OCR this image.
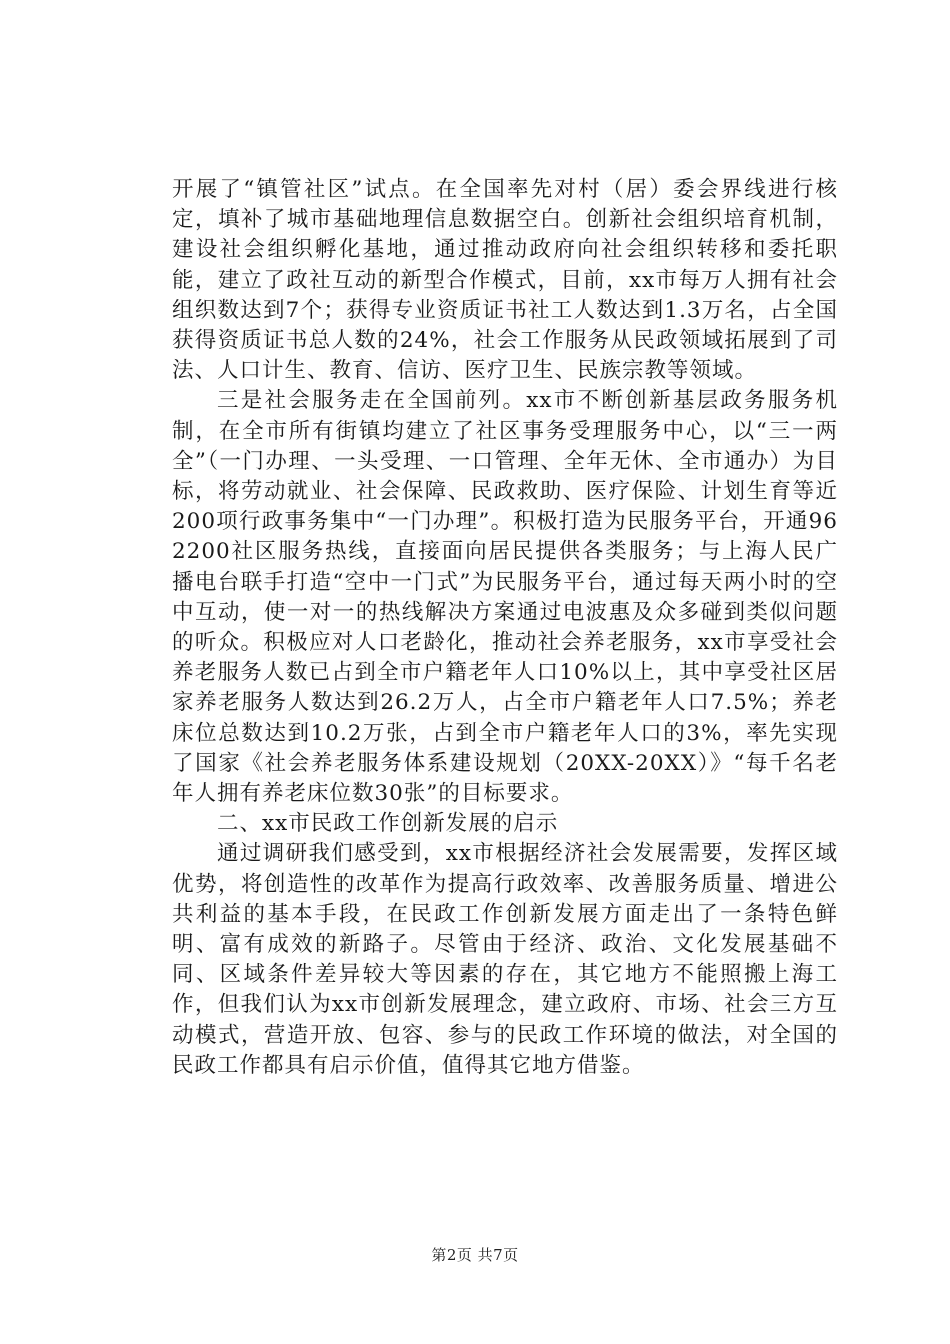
开展了“镇管社区”试点。在全国率先对村（居）委会界线进行核定，填补了城市基础地理信息数据空白。创新社会组织培育机制，建设社会组织孵化基地，通过推动政府向社会组织转移和委托职能，建立了政社互动的新型合作模式，目前，xx市每万人拥有社会组织数达到7个；获得专业资质证书社工人数达到1.3万名，占全国获得资质证书总人数的24%，社会工作服务从民政领域拓展到了司法、人口计生、教育、信访、医疗卫生、民族宗教等领域。

三是社会服务走在全国前列。xx市不断创新基层政务服务机制，在全市所有街镇均建立了社区事务受理服务中心，以“三一两全”（一门办理、一头受理、一口管理、全年无休、全市通办）为目标，将劳动就业、社会保障、民政救助、医疗保险、计划生育等近200项行政事务集中“一门办理”。积极打造为民服务平台，开通962200社区服务热线，直接面向居民提供各类服务；与上海人民广播电台联手打造“空中一门式”为民服务平台，通过每天两小时的空中互动，使一对一的热线解决方案通过电波惠及众多碰到类似问题的听众。积极应对人口老龄化，推动社会养老服务，xx市享受社会养老服务人数已占到全市户籍老年人口10%以上，其中享受社区居家养老服务人数达到26.2万人，占全市户籍老年人口7.5%；养老床位总数达到10.2万张，占到全市户籍老年人口的3%，率先实现了国家《社会养老服务体系建设规划（20XX-20XX）》“每千名老年人拥有养老床位数30张”的目标要求。

二、xx市民政工作创新发展的启示

通过调研我们感受到，xx市根据经济社会发展需要，发挥区域优势，将创造性的改革作为提高行政效率、改善服务质量、增进公共利益的基本手段，在民政工作创新发展方面走出了一条特色鲜明、富有成效的新路子。尽管由于经济、政治、文化发展基础不同、区域条件差异较大等因素的存在，其它地方不能照搬上海工作，但我们认为xx市创新发展理念，建立政府、市场、社会三方互动模式，营造开放、包容、参与的民政工作环境的做法，对全国的民政工作都具有启示价值，值得其它地方借鉴。

第2页 共7页
